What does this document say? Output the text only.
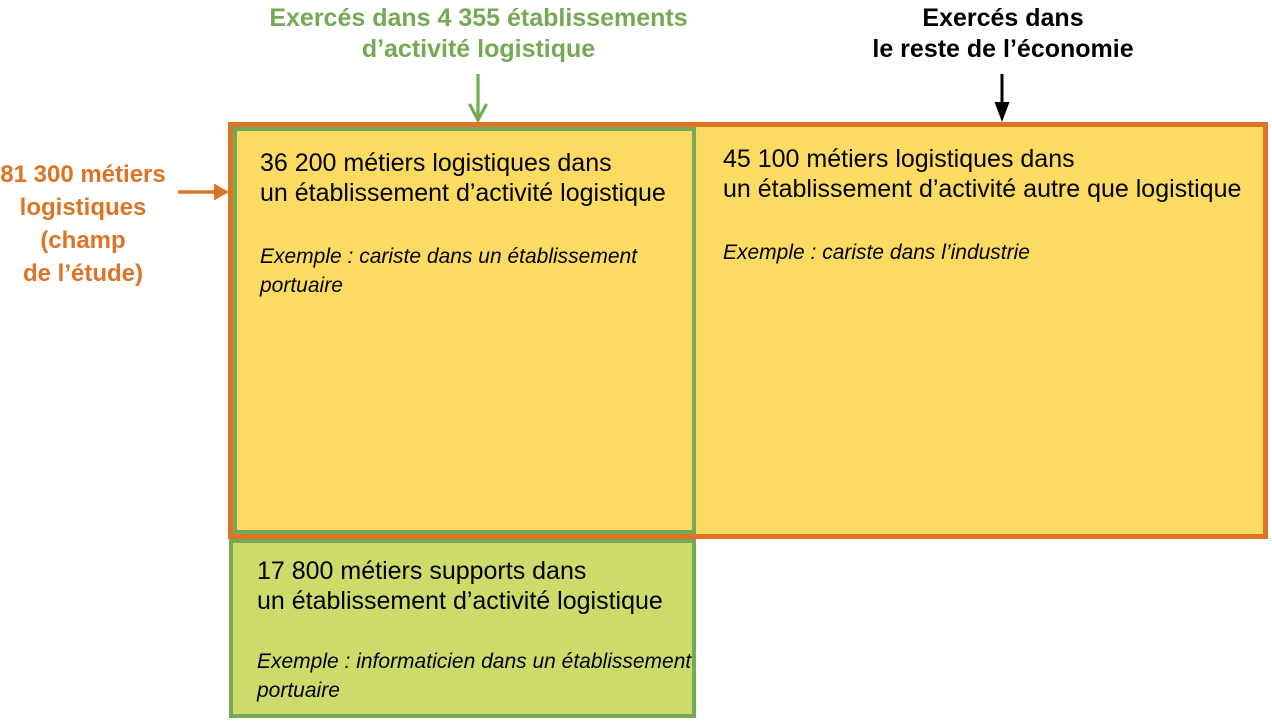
Exercés dans 4 355 établissements
d’activité logistique
Exercés dans
le reste de l’économie
81 300 métiers
logistiques
(champ
de l’étude)
36 200 métiers logistiques dans
un établissement d’activité logistique
Exemple : cariste dans un établissement
portuaire
45 100 métiers logistiques dans
un établissement d’activité autre que logistique
Exemple : cariste dans l’industrie
17 800 métiers supports dans
un établissement d’activité logistique
Exemple : informaticien dans un établissement
portuaire
